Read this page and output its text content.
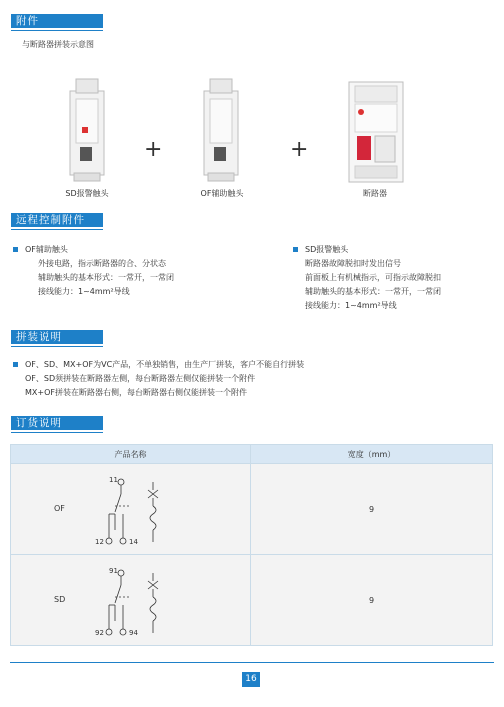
附件
与断路器拼装示意图
+	+
SD报警触头	OF辅助触头	断路器
远程控制附件
OF辅助触头
外接电路，指示断路器的合、分状态
辅助触头的基本形式：一常开，一常闭
接线能力：1~4mm²导线
SD报警触头
断路器故障脱扣时发出信号
前面板上有机械指示，可指示故障脱扣
辅助触头的基本形式：一常开，一常闭
接线能力：1~4mm²导线
拼装说明
OF、SD、MX+OF为VC产品，不单独销售，由生产厂拼装，客户不能自行拼装
OF、SD须拼装在断路器左侧，每台断路器左侧仅能拼装一个附件
MX+OF拼装在断路器右侧，每台断路器右侧仅能拼装一个附件
订货说明
产品名称	宽度（mm）

OF
11
12 14	9

SD
91
92 94	9
16
